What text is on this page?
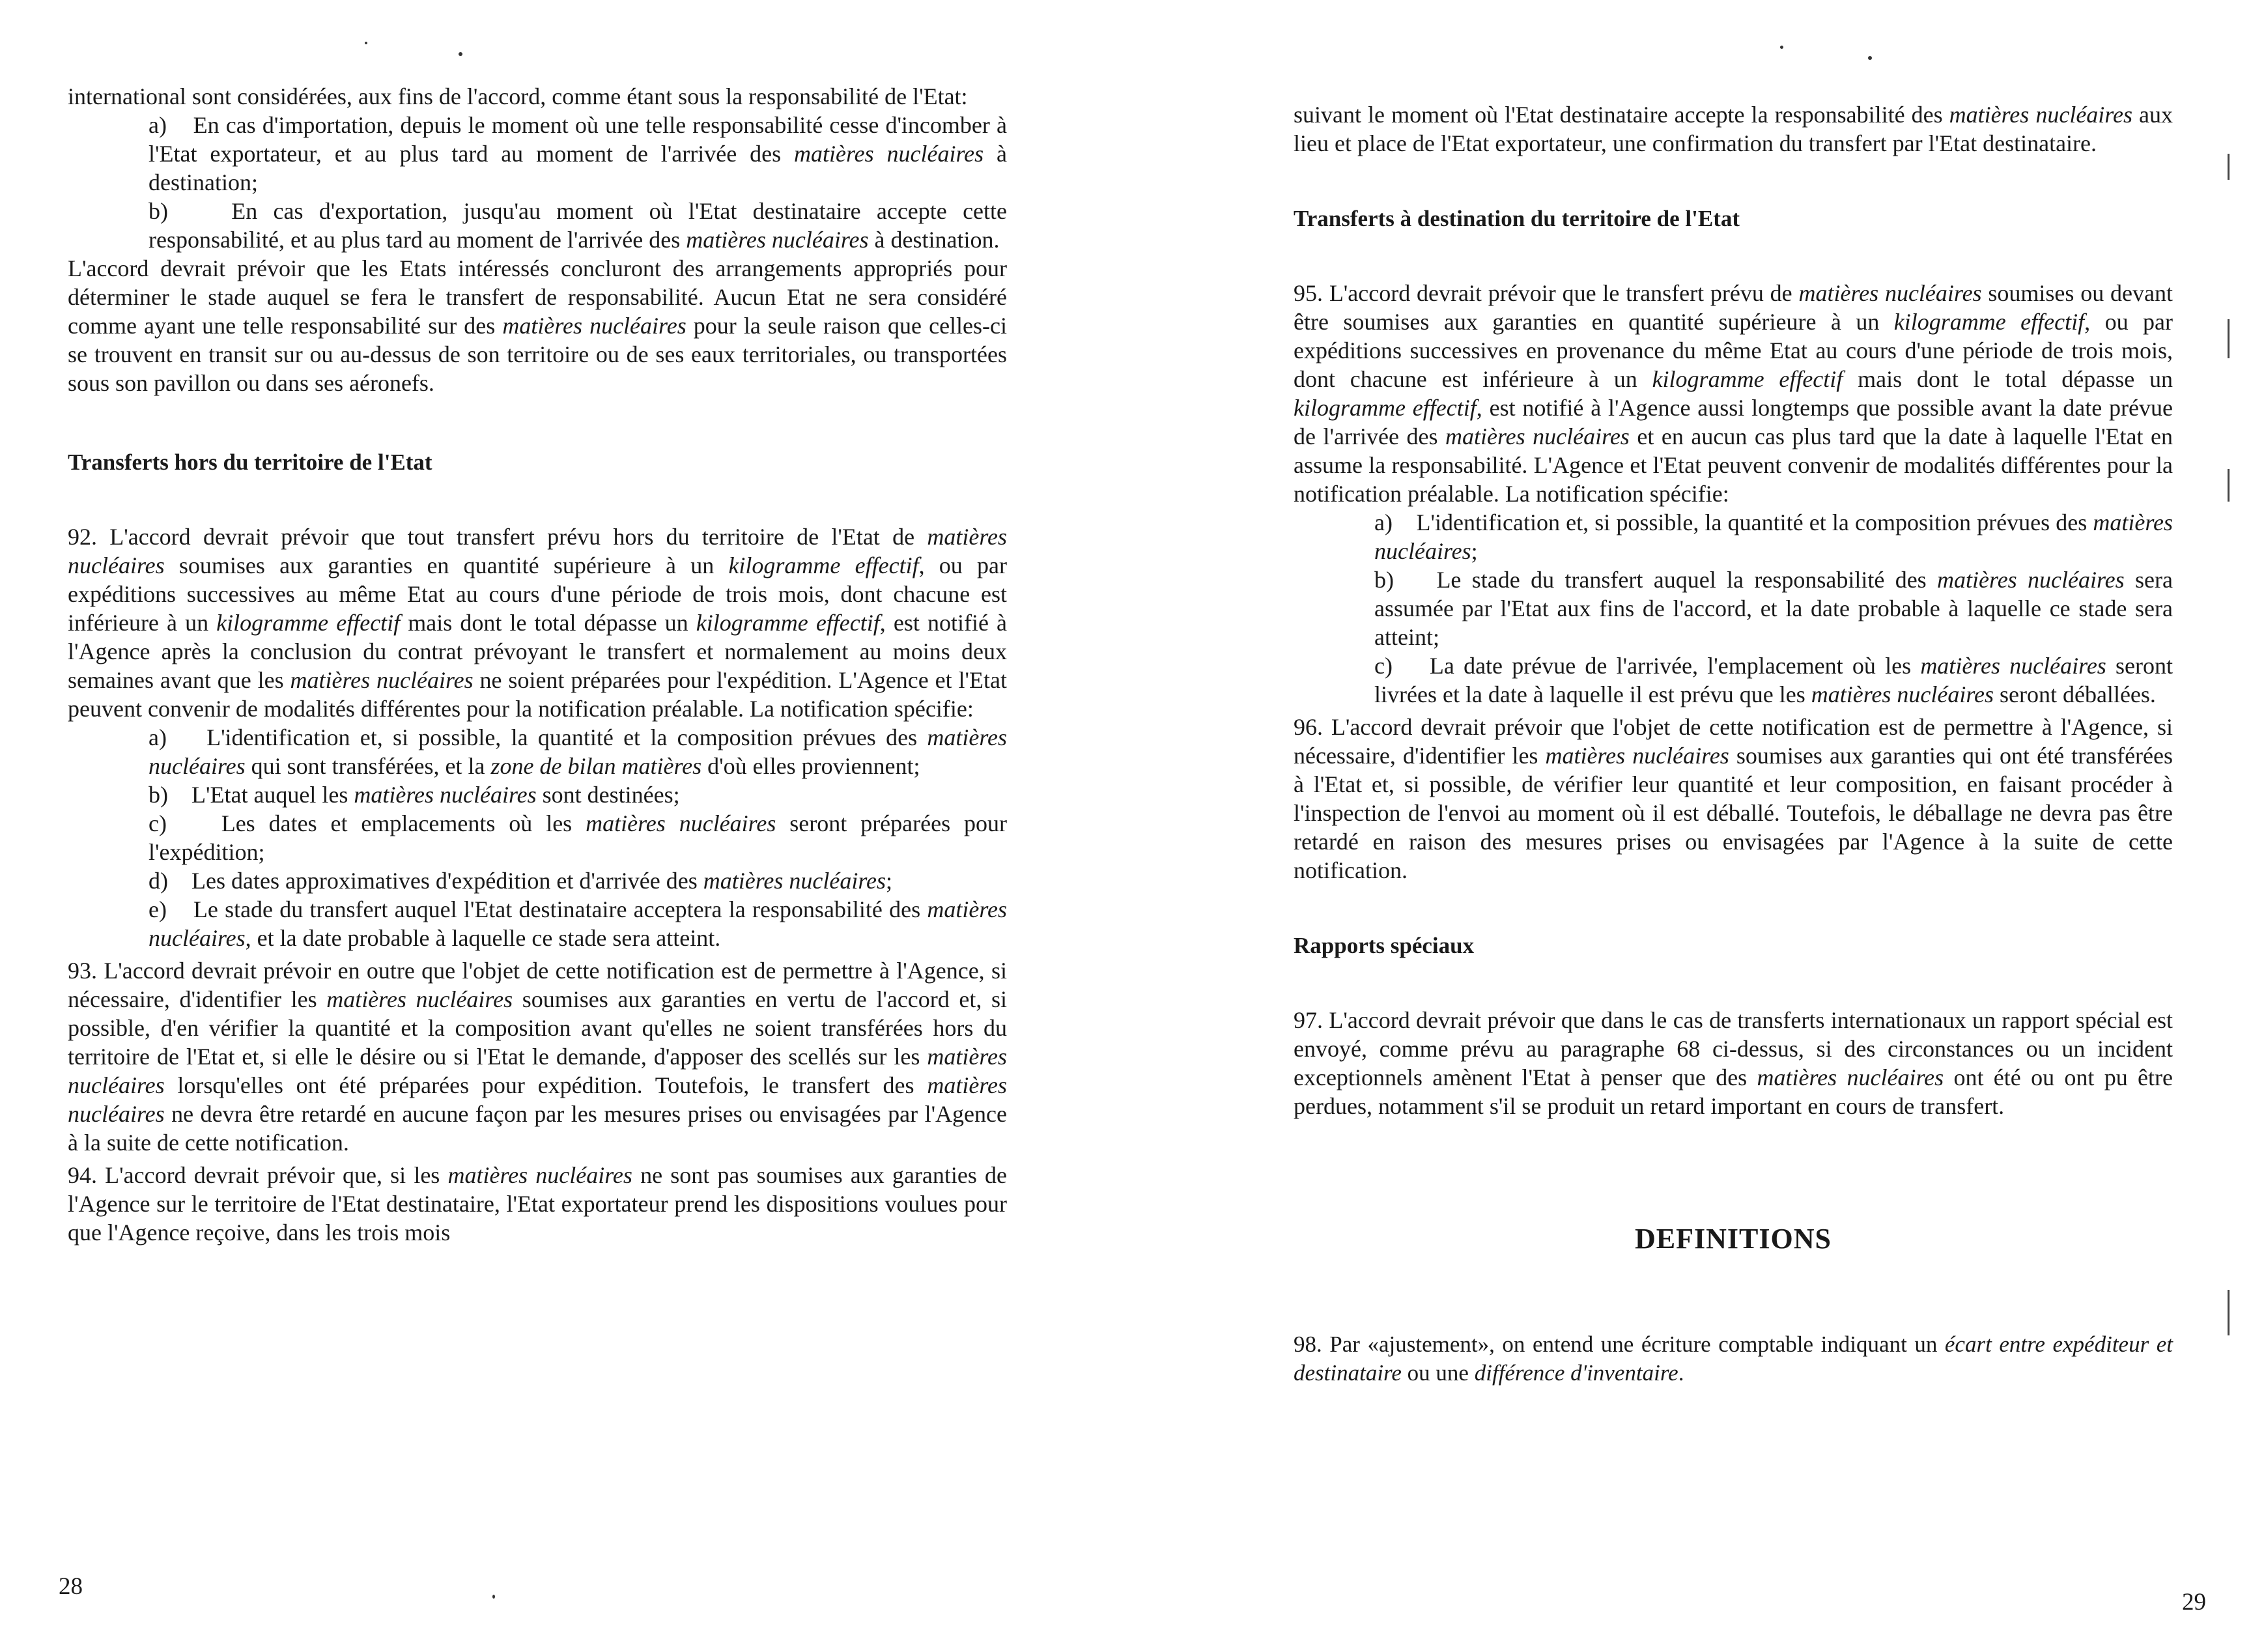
international sont considérées, aux fins de l'accord, comme étant sous la responsabilité de l'Etat:

a) En cas d'importation, depuis le moment où une telle responsabilité cesse d'incomber à l'Etat exportateur, et au plus tard au moment de l'arrivée des matières nucléaires à destination;

b)	En cas d'exportation, jusqu'au moment où l'Etat destinataire accepte cette responsabilité, et au plus tard au moment de l'arrivée des matières nucléaires à destination.

L'accord devrait prévoir que les Etats intéressés concluront des arrangements appropriés pour déterminer le stade auquel se fera le transfert de responsabilité. Aucun Etat ne sera considéré comme ayant une telle responsabilité sur des matières nucléaires pour la seule raison que celles-ci se trouvent en transit sur ou au-dessus de son territoire ou de ses eaux territoriales, ou transportées sous son pavillon ou dans ses aéronefs.

Transferts hors du territoire de l'Etat

92. L'accord devrait prévoir que tout transfert prévu hors du territoire de l'Etat de matières nucléaires soumises aux garanties en quantité supérieure à un kilogramme effectif, ou par expéditions successives au même Etat au cours d'une période de trois mois, dont chacune est inférieure à un kilogramme effectif mais dont le total dépasse un kilogramme effectif, est notifié à l'Agence après la conclusion du contrat prévoyant le transfert et normalement au moins deux semaines avant que les matières nucléaires ne soient préparées pour l'expédition. L'Agence et l'Etat peuvent convenir de modalités différentes pour la notification préalable. La notification spécifie:

a) L'identification et, si possible, la quantité et la composition prévues des matières nucléaires qui sont transférées, et la zone de bilan matières d'où elles proviennent;

b) L'Etat auquel les matières nucléaires sont destinées;

c) Les dates et emplacements où les matières nucléaires seront préparées pour l'expédition;

d) Les dates approximatives d'expédition et d'arrivée des matières nucléaires;

e) Le stade du transfert auquel l'Etat destinataire acceptera la responsabilité des matières nucléaires, et la date probable à laquelle ce stade sera atteint.

93. L'accord devrait prévoir en outre que l'objet de cette notification est de permettre à l'Agence, si nécessaire, d'identifier les matières nucléaires soumises aux garanties en vertu de l'accord et, si possible, d'en vérifier la quantité et la composition avant qu'elles ne soient transférées hors du territoire de l'Etat et, si elle le désire ou si l'Etat le demande, d'apposer des scellés sur les matières nucléaires lorsqu'elles ont été préparées pour expédition. Toutefois, le transfert des matières nucléaires ne devra être retardé en aucune façon par les mesures prises ou envisagées par l'Agence à la suite de cette notification.

94. L'accord devrait prévoir que, si les matières nucléaires ne sont pas soumises aux garanties de l'Agence sur le territoire de l'Etat destinataire, l'Etat exportateur prend les dispositions voulues pour que l'Agence reçoive, dans les trois mois

28

suivant le moment où l'Etat destinataire accepte la responsabilité des matières nucléaires aux lieu et place de l'Etat exportateur, une confirmation du transfert par l'Etat destinataire.

Transferts à destination du territoire de l'Etat

95. L'accord devrait prévoir que le transfert prévu de matières nucléaires soumises ou devant être soumises aux garanties en quantité supérieure à un kilogramme effectif, ou par expéditions successives en provenance du même Etat au cours d'une période de trois mois, dont chacune est inférieure à un kilogramme effectif mais dont le total dépasse un kilogramme effectif, est notifié à l'Agence aussi longtemps que possible avant la date prévue de l'arrivée des matières nucléaires et en aucun cas plus tard que la date à laquelle l'Etat en assume la responsabilité. L'Agence et l'Etat peuvent convenir de modalités différentes pour la notification préalable. La notification spécifie:

a) L'identification et, si possible, la quantité et la composition prévues des matières nucléaires;

b) Le stade du transfert auquel la responsabilité des matières nucléaires sera assumée par l'Etat aux fins de l'accord, et la date probable à laquelle ce stade sera atteint;

c) La date prévue de l'arrivée, l'emplacement où les matières nucléaires seront livrées et la date à laquelle il est prévu que les matières nucléaires seront déballées.

96. L'accord devrait prévoir que l'objet de cette notification est de permettre à l'Agence, si nécessaire, d'identifier les matières nucléaires soumises aux garanties qui ont été transférées à l'Etat et, si possible, de vérifier leur quantité et leur composition, en faisant procéder à l'inspection de l'envoi au moment où il est déballé. Toutefois, le déballage ne devra pas être retardé en raison des mesures prises ou envisagées par l'Agence à la suite de cette notification.

Rapports spéciaux

97. L'accord devrait prévoir que dans le cas de transferts internationaux un rapport spécial est envoyé, comme prévu au paragraphe 68 ci-dessus, si des circonstances ou un incident exceptionnels amènent l'Etat à penser que des matières nucléaires ont été ou ont pu être perdues, notamment s'il se produit un retard important en cours de transfert.

DEFINITIONS

98. Par «ajustement», on entend une écriture comptable indiquant un écart entre expéditeur et destinataire ou une différence d'inventaire.

29
